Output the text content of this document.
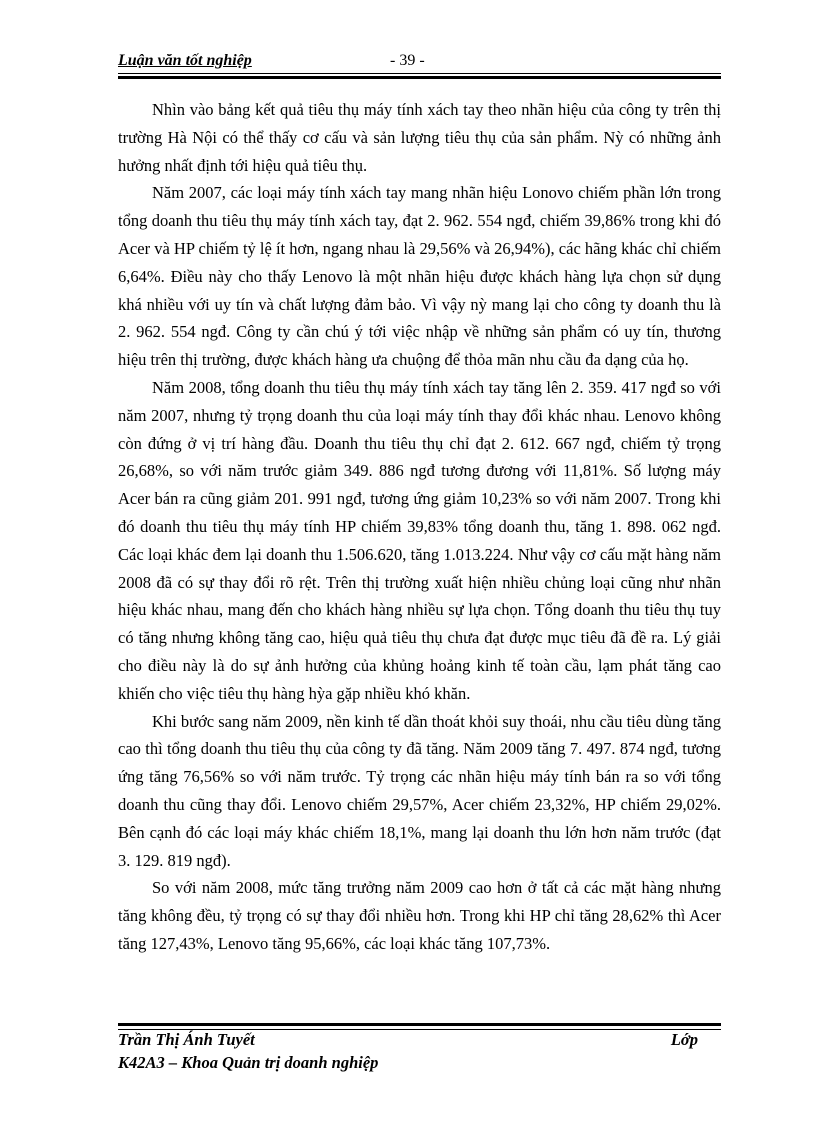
Luận văn tốt nghiệp	- 39 -

Nhìn vào bảng kết quả tiêu thụ máy tính xách tay theo nhãn hiệu của công ty trên thị trường Hà Nội có thể thấy cơ cấu và sản lượng tiêu thụ của sản phẩm. Nỳ có những ảnh hưởng nhất định tới hiệu quả tiêu thụ.

Năm 2007, các loại máy tính xách tay mang nhãn hiệu Lonovo chiếm phần lớn trong tổng doanh thu tiêu thụ máy tính xách tay, đạt 2. 962. 554 ngđ, chiếm 39,86% trong khi đó Acer và HP chiếm tỷ lệ ít hơn, ngang nhau là 29,56% và 26,94%), các hãng khác chỉ chiếm 6,64%. Điều này cho thấy Lenovo là một nhãn hiệu được khách hàng lựa chọn sử dụng khá nhiều với uy tín và chất lượng đảm bảo. Vì vậy nỳ mang lại cho công ty doanh thu là 2. 962. 554 ngđ. Công ty cần chú ý tới việc nhập về những sản phẩm có uy tín, thương hiệu trên thị trường, được khách hàng ưa chuộng để thỏa mãn nhu cầu đa dạng của họ.

Năm 2008, tổng doanh thu tiêu thụ máy tính xách tay tăng lên 2. 359. 417 ngđ so với năm 2007, nhưng tỷ trọng doanh thu của loại máy tính thay đổi khác nhau. Lenovo không còn đứng ở vị trí hàng đầu. Doanh thu tiêu thụ chỉ đạt 2. 612. 667 ngđ, chiếm tỷ trọng 26,68%, so với năm trước giảm 349. 886 ngđ tương đương với 11,81%. Số lượng máy Acer bán ra cũng giảm 201. 991 ngđ, tương ứng giảm 10,23% so với năm 2007. Trong khi đó doanh thu tiêu thụ máy tính HP chiếm 39,83% tổng doanh thu, tăng 1. 898. 062 ngđ. Các loại khác đem lại doanh thu 1.506.620, tăng 1.013.224. Như vậy cơ cấu mặt hàng năm 2008 đã có sự thay đổi rõ rệt. Trên thị trường xuất hiện nhiều chủng loại cũng như nhãn hiệu khác nhau, mang đến cho khách hàng nhiều sự lựa chọn. Tổng doanh thu tiêu thụ tuy có tăng nhưng không tăng cao, hiệu quả tiêu thụ chưa đạt được mục tiêu đã đề ra. Lý giải cho điều này là do sự ảnh hưởng của khủng hoảng kinh tế toàn cầu, lạm phát tăng cao khiến cho việc tiêu thụ hàng hỳa gặp nhiều khó khăn.

Khi bước sang năm 2009, nền kinh tế dần thoát khỏi suy thoái, nhu cầu tiêu dùng tăng cao thì tổng doanh thu tiêu thụ của công ty đã tăng. Năm 2009 tăng 7. 497. 874 ngđ, tương ứng tăng 76,56% so với năm trước. Tỷ trọng các nhãn hiệu máy tính bán ra so với tổng doanh thu cũng thay đổi. Lenovo chiếm 29,57%, Acer chiếm 23,32%, HP chiếm 29,02%. Bên cạnh đó các loại máy khác chiếm 18,1%, mang lại doanh thu lớn hơn năm trước (đạt 3. 129. 819 ngđ).

So với năm 2008, mức tăng trưởng năm 2009 cao hơn ở tất cả các mặt hàng nhưng tăng không đều, tỷ trọng có sự thay đổi nhiều hơn. Trong khi HP chỉ tăng 28,62% thì Acer tăng 127,43%, Lenovo tăng 95,66%, các loại khác tăng 107,73%.

Trần Thị Ánh Tuyết	Lớp
K42A3 – Khoa Quản trị doanh nghiệp
